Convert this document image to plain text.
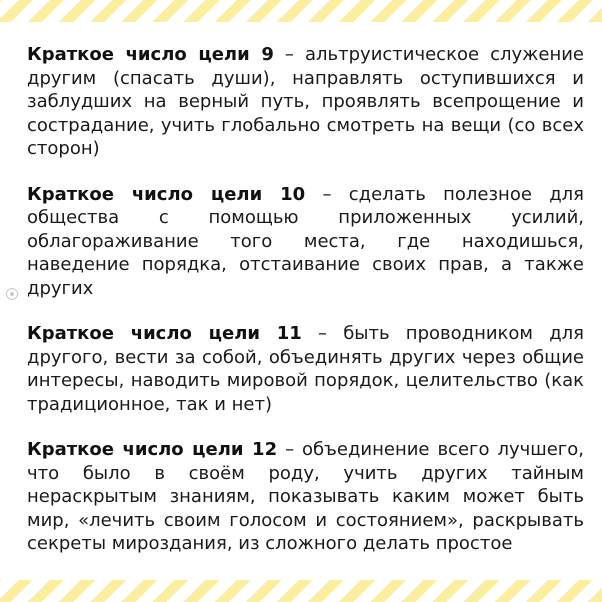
Краткое число цели 9 – альтруистическое служение другим (спасать души), направлять оступившихся и заблудших на верный путь, проявлять всепрощение и сострадание, учить глобально смотреть на вещи (со всех сторон)

Краткое число цели 10 – сделать полезное для общества с помощью приложенных усилий, облагораживание того места, где находишься, наведение порядка, отстаивание своих прав, а также других

Краткое число цели 11 – быть проводником для другого, вести за собой, объединять других через общие интересы, наводить мировой порядок, целительство (как традиционное, так и нет)

Краткое число цели 12 – объединение всего лучшего, что было в своём роду, учить других тайным нераскрытым знаниям, показывать каким может быть мир, «лечить своим голосом и состоянием», раскрывать секреты мироздания, из сложного делать простое
